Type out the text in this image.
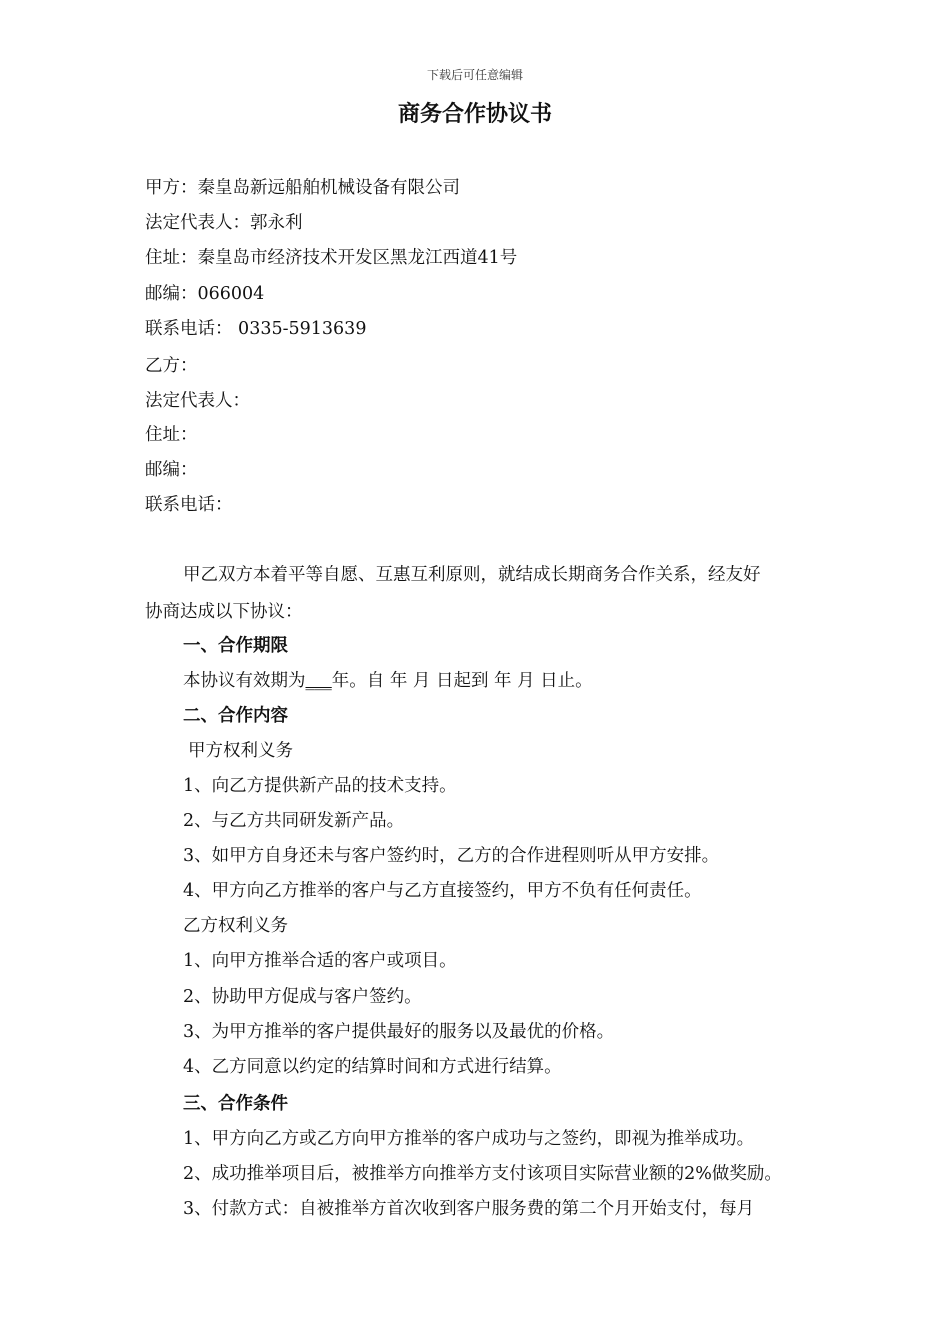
下载后可任意编辑
商务合作协议书

甲方：秦皇岛新远船舶机械设备有限公司

法定代表人：郭永利

住址：秦皇岛市经济技术开发区黑龙江西道41号

邮编：066004

联系电话： 0335-5913639

乙方：

法定代表人：

住址：

邮编：

联系电话：

甲乙双方本着平等自愿、互惠互利原则，就结成长期商务合作关系，经友好

协商达成以下协议：

一、合作期限

本协议有效期为___年。自 年 月 日起到 年 月 日止。

二、合作内容

甲方权利义务

1、向乙方提供新产品的技术支持。

2、与乙方共同研发新产品。

3、如甲方自身还未与客户签约时，乙方的合作进程则听从甲方安排。

4、甲方向乙方推举的客户与乙方直接签约，甲方不负有任何责任。

乙方权利义务

1、向甲方推举合适的客户或项目。

2、协助甲方促成与客户签约。

3、为甲方推举的客户提供最好的服务以及最优的价格。

4、乙方同意以约定的结算时间和方式进行结算。

三、合作条件

1、甲方向乙方或乙方向甲方推举的客户成功与之签约，即视为推举成功。

2、成功推举项目后，被推举方向推举方支付该项目实际营业额的2%做奖励。

3、付款方式：自被推举方首次收到客户服务费的第二个月开始支付，每月
